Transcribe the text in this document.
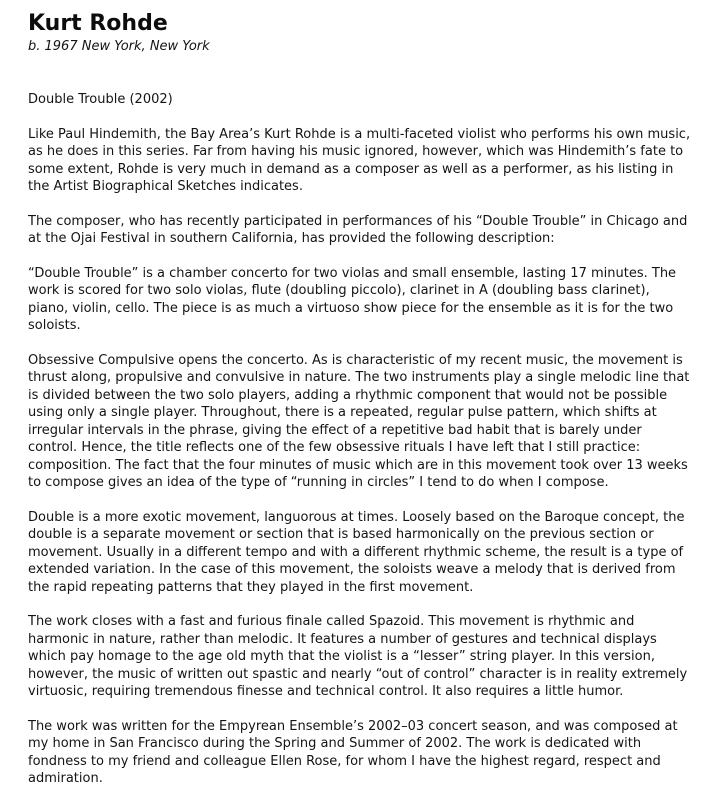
Kurt Rohde
b. 1967 New York, New York
Double Trouble (2002)

Like Paul Hindemith, the Bay Area’s Kurt Rohde is a multi-faceted violist who performs his own music, as he does in this series. Far from having his music ignored, however, which was Hindemith’s fate to some extent, Rohde is very much in demand as a composer as well as a performer, as his listing in the Artist Biographical Sketches indicates.

The composer, who has recently participated in performances of his “Double Trouble” in Chicago and at the Ojai Festival in southern California, has provided the following description:

“Double Trouble” is a chamber concerto for two violas and small ensemble, lasting 17 minutes. The work is scored for two solo violas, flute (doubling piccolo), clarinet in A (doubling bass clarinet), piano, violin, cello. The piece is as much a virtuoso show piece for the ensemble as it is for the two soloists.

Obsessive Compulsive opens the concerto. As is characteristic of my recent music, the movement is thrust along, propulsive and convulsive in nature. The two instruments play a single melodic line that is divided between the two solo players, adding a rhythmic component that would not be possible using only a single player. Throughout, there is a repeated, regular pulse pattern, which shifts at irregular intervals in the phrase, giving the effect of a repetitive bad habit that is barely under control. Hence, the title reflects one of the few obsessive rituals I have left that I still practice: composition. The fact that the four minutes of music which are in this movement took over 13 weeks to compose gives an idea of the type of “running in circles” I tend to do when I compose.

Double is a more exotic movement, languorous at times. Loosely based on the Baroque concept, the double is a separate movement or section that is based harmonically on the previous section or movement. Usually in a different tempo and with a different rhythmic scheme, the result is a type of extended variation. In the case of this movement, the soloists weave a melody that is derived from the rapid repeating patterns that they played in the first movement.

The work closes with a fast and furious finale called Spazoid. This movement is rhythmic and harmonic in nature, rather than melodic. It features a number of gestures and technical displays which pay homage to the age old myth that the violist is a “lesser” string player. In this version, however, the music of written out spastic and nearly “out of control” character is in reality extremely virtuosic, requiring tremendous finesse and technical control. It also requires a little humor.

The work was written for the Empyrean Ensemble’s 2002–03 concert season, and was composed at my home in San Francisco during the Spring and Summer of 2002. The work is dedicated with fondness to my friend and colleague Ellen Rose, for whom I have the highest regard, respect and admiration.
